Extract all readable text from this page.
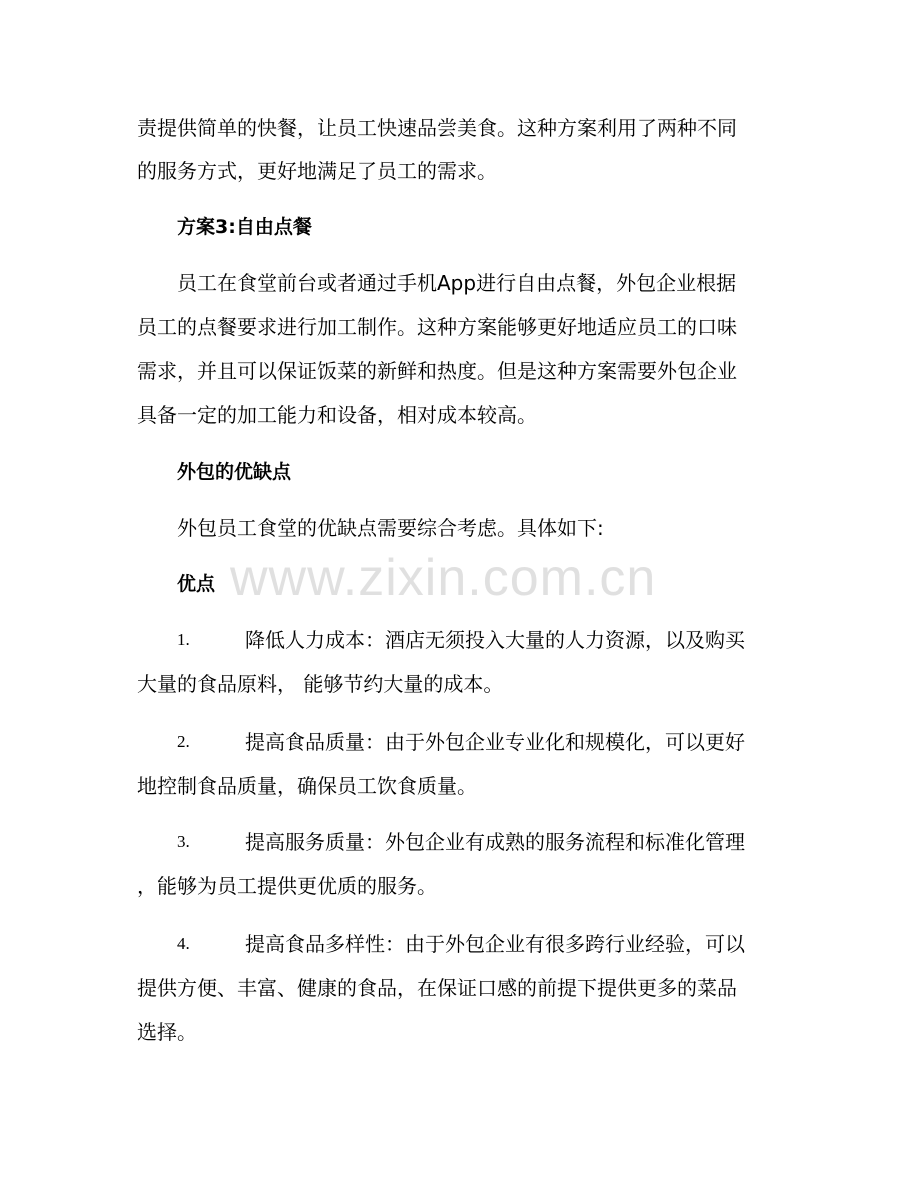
责提供简单的快餐，让员工快速品尝美食。这种方案利用了两种不同

的服务方式，更好地满足了员工的需求。

方案3:自由点餐

员工在食堂前台或者通过手机App进行自由点餐，外包企业根据

员工的点餐要求进行加工制作。这种方案能够更好地适应员工的口味

需求，并且可以保证饭菜的新鲜和热度。但是这种方案需要外包企业

具备一定的加工能力和设备，相对成本较高。

外包的优缺点

外包员工食堂的优缺点需要综合考虑。具体如下:

优点

1.	降低人力成本：酒店无须投入大量的人力资源，以及购买

大量的食品原料， 能够节约大量的成本。

2.	提高食品质量：由于外包企业专业化和规模化，可以更好

地控制食品质量，确保员工饮食质量。

3.	提高服务质量：外包企业有成熟的服务流程和标准化管理

，能够为员工提供更优质的服务。

4.	提高食品多样性：由于外包企业有很多跨行业经验，可以

提供方便、丰富、健康的食品，在保证口感的前提下提供更多的菜品

选择。

www.zixin.com.cn
